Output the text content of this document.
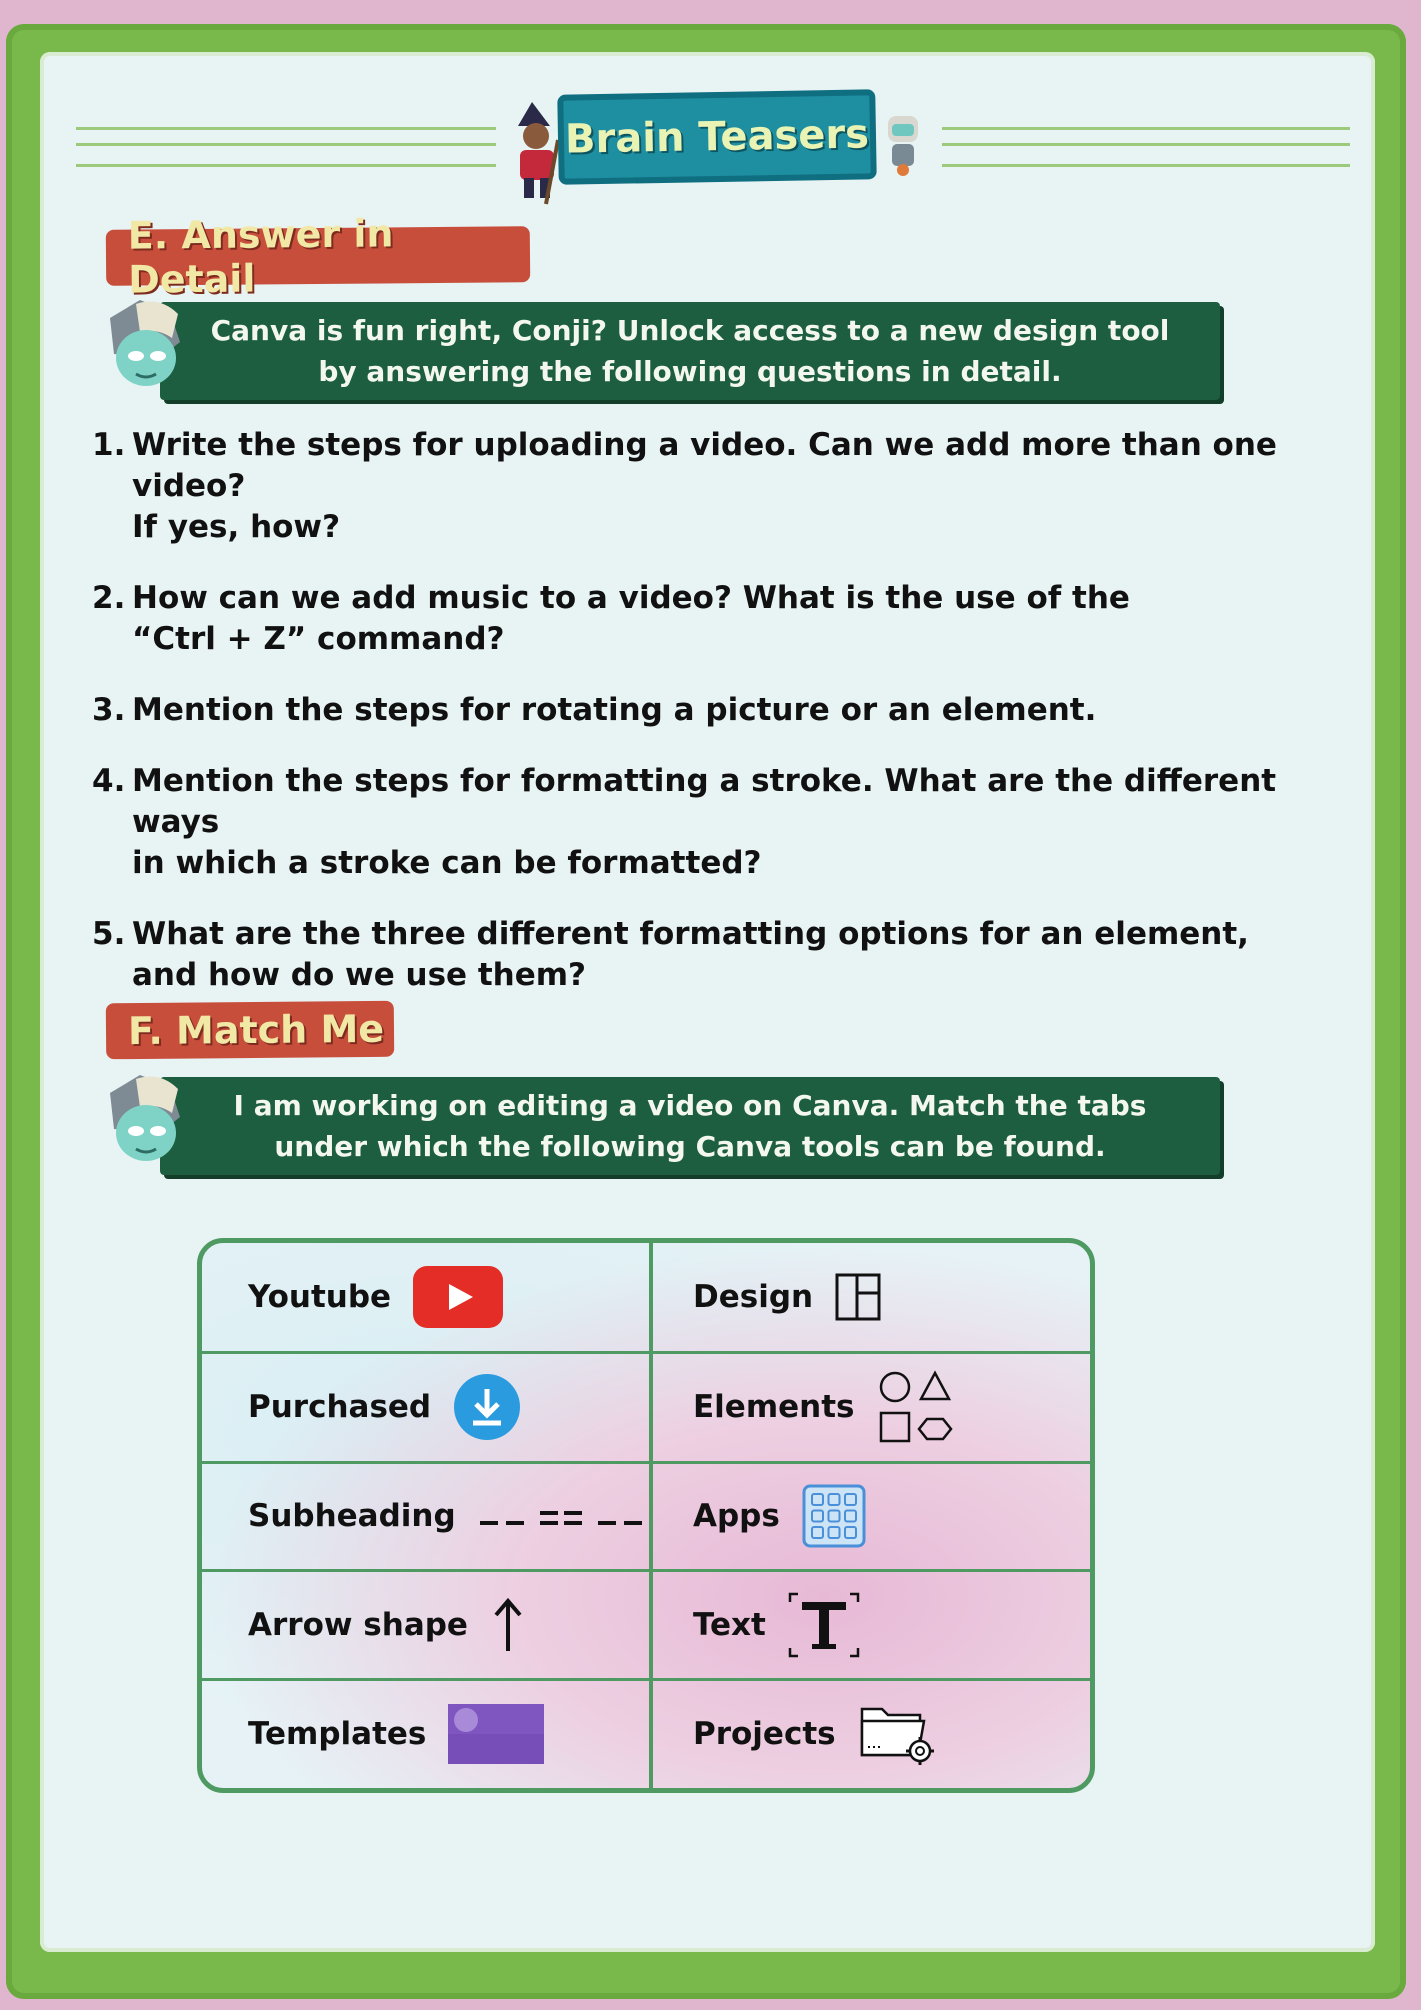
Brain Teasers
E. Answer in Detail
Canva is fun right, Conji? Unlock access to a new design tool
by answering the following questions in detail.
1. Write the steps for uploading a video. Can we add more than one video?
If yes, how?
2. How can we add music to a video? What is the use of the
“Ctrl + Z” command?
3. Mention the steps for rotating a picture or an element.
4. Mention the steps for formatting a stroke. What are the different ways
in which a stroke can be formatted?
5. What are the three different formatting options for an element,
and how do we use them?
F. Match Me
I am working on editing a video on Canva. Match the tabs
under which the following Canva tools can be found.
Youtube
Purchased
Subheading
Arrow shape
Templates
Design
Elements
Apps
Text
Projects
